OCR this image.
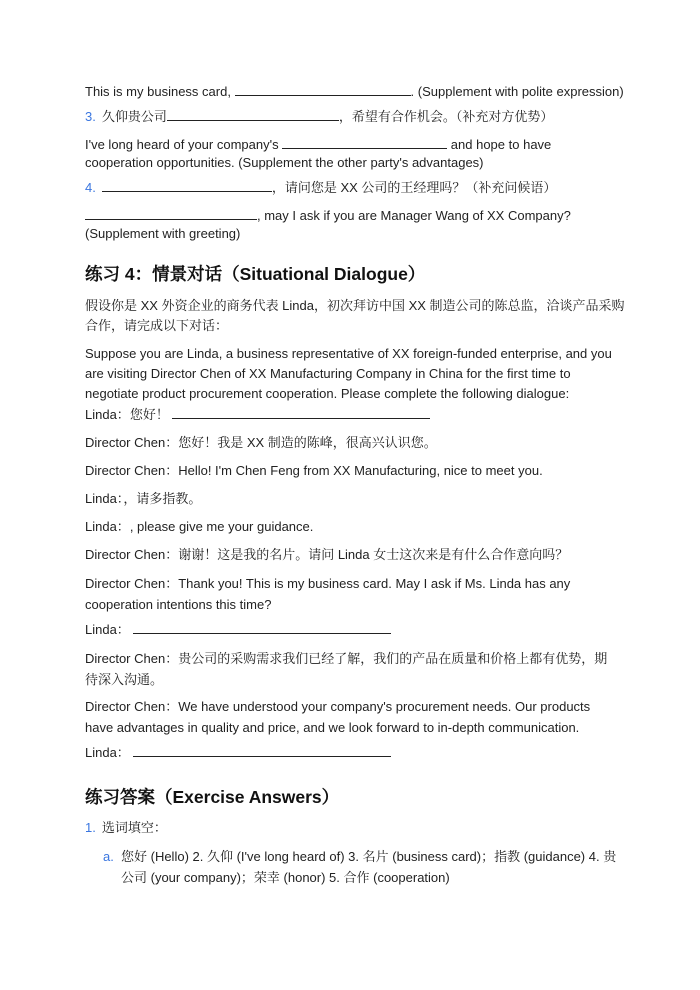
This is my business card,	. (Supplement with polite expression)
3. 久仰贵公司	，希望有合作机会。（补充对方优势）
I've long heard of your company's	and hope to have
cooperation opportunities. (Supplement the other party's advantages)
4.	，请问您是 XX 公司的王经理吗？（补充问候语）
, may I ask if you are Manager Wang of XX Company?
(Supplement with greeting)
练习 4：情景对话（Situational Dialogue）
假设你是 XX 外资企业的商务代表 Linda，初次拜访中国 XX 制造公司的陈总监，洽谈产品采购合作，请完成以下对话：
Suppose you are Linda, a business representative of XX foreign-funded enterprise, and you are visiting Director Chen of XX Manufacturing Company in China for the first time to negotiate product procurement cooperation. Please complete the following dialogue:
Linda：您好！
Director Chen：您好！我是 XX 制造的陈峰，很高兴认识您。
Director Chen：Hello! I'm Chen Feng from XX Manufacturing, nice to meet you.
Linda：，请多指教。
Linda：, please give me your guidance.
Director Chen：谢谢！这是我的名片。请问 Linda 女士这次来是有什么合作意向吗？
Director Chen：Thank you! This is my business card. May I ask if Ms. Linda has any cooperation intentions this time?
Linda：
Director Chen：贵公司的采购需求我们已经了解，我们的产品在质量和价格上都有优势，期待深入沟通。
Director Chen：We have understood your company's procurement needs. Our products have advantages in quality and price, and we look forward to in-depth communication.
Linda：
练习答案（Exercise Answers）
1. 选词填空：
a. 您好 (Hello) 2. 久仰 (I've long heard of) 3. 名片 (business card)；指教 (guidance) 4. 贵公司 (your company)；荣幸 (honor) 5. 合作 (cooperation)
